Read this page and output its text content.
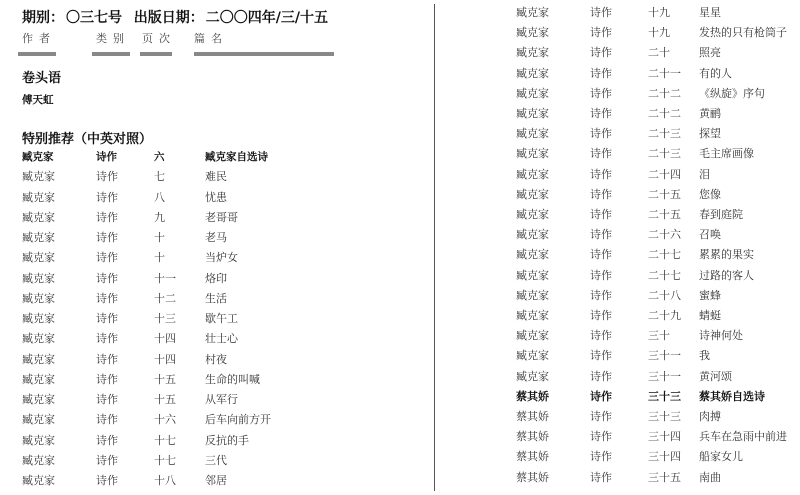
期别： 〇三七号 出版日期： 二〇〇四年/三/十五
作者	类别 页次 篇名
卷头语
傅天虹
特别推荐（中英对照）
臧克家	诗作	六	臧克家自选诗
臧克家	诗作	七	难民
臧克家	诗作	八	忧患
臧克家	诗作	九	老哥哥
臧克家	诗作	十	老马
臧克家	诗作	十	当炉女
臧克家	诗作	十一	烙印
臧克家	诗作	十二	生活
臧克家	诗作	十三	歇午工
臧克家	诗作	十四	壮士心
臧克家	诗作	十四	村夜
臧克家	诗作	十五	生命的叫喊
臧克家	诗作	十五	从军行
臧克家	诗作	十六	后车向前方开
臧克家	诗作	十七	反抗的手
臧克家	诗作	十七	三代
臧克家	诗作	十八	邻居
臧克家	诗作	十九	星星
臧克家	诗作	十九	发热的只有枪筒子
臧克家	诗作	二十	照亮
臧克家	诗作	二十一 有的人
臧克家	诗作	二十二 《纵旋》序句
臧克家	诗作	二十二 黄鹂
臧克家	诗作	二十三 探望
臧克家	诗作	二十三 毛主席画像
臧克家	诗作	二十四 泪
臧克家	诗作	二十五 您像
臧克家	诗作	二十五 春到庭院
臧克家	诗作	二十六 召唤
臧克家	诗作	二十七 累累的果实
臧克家	诗作	二十七 过路的客人
臧克家	诗作	二十八 蜜蜂
臧克家	诗作	二十九 蜻蜓
臧克家	诗作	三十	诗神何处
臧克家	诗作	三十一 我
臧克家	诗作	三十一 黄河颂
蔡其娇	诗作	三十三 蔡其娇自选诗
蔡其娇	诗作	三十三 肉搏
蔡其娇	诗作	三十四 兵车在急雨中前进
蔡其娇	诗作	三十四 船家女儿
蔡其娇	诗作	三十五 南曲
